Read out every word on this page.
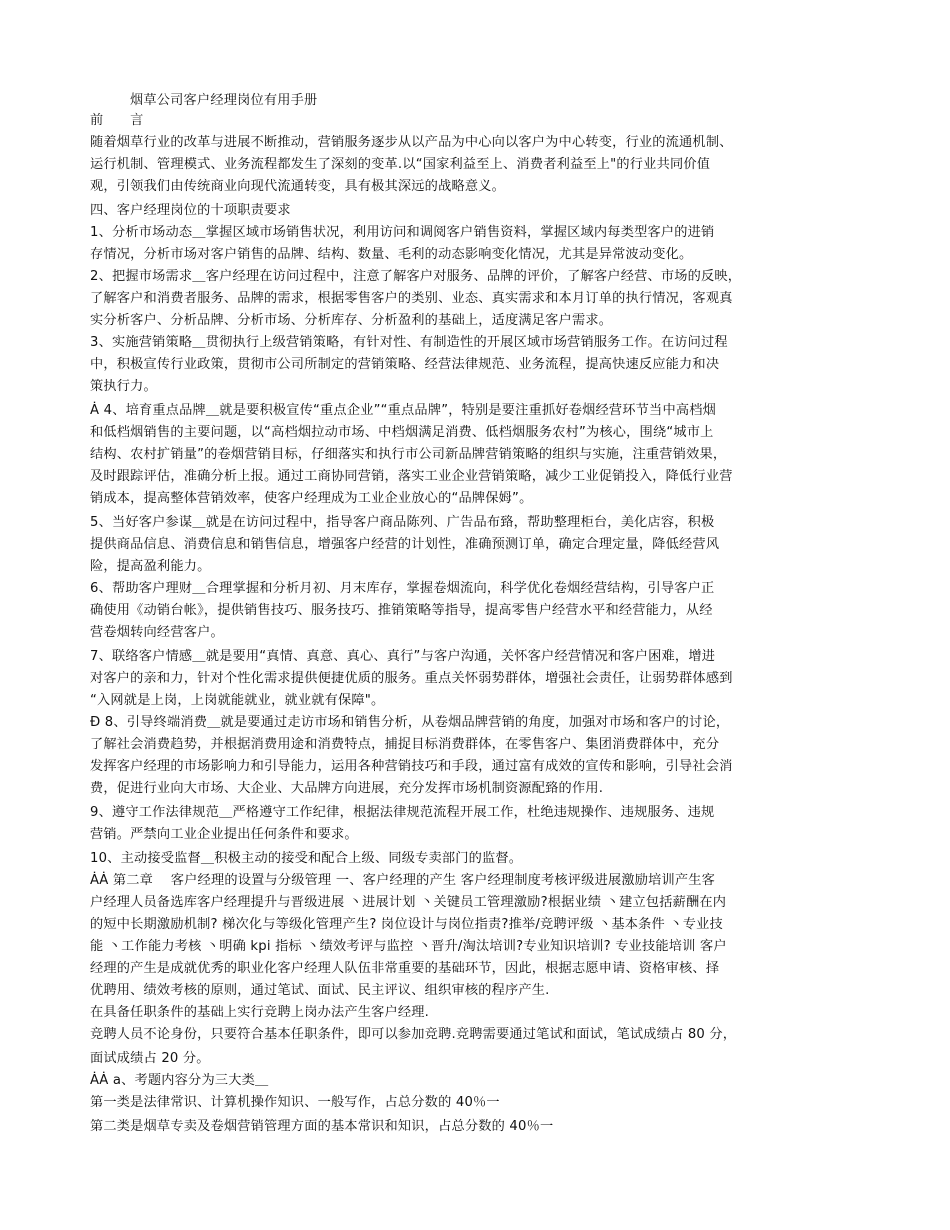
烟草公司客户经理岗位有用手册
前　　言
随着烟草行业的改革与进展不断推动，营销服务逐步从以产品为中心向以客户为中心转变，行业的流通机制、
运行机制、管理模式、业务流程都发生了深刻的变革.以“国家利益至上、消费者利益至上"的行业共同价值
观，引领我们由传统商业向现代流通转变，具有极其深远的战略意义。
四、客户经理岗位的十项职责要求
1、分析市场动态＿掌握区域市场销售状况，利用访问和调阅客户销售资料，掌握区域内每类型客户的进销
存情况，分析市场对客户销售的品牌、结构、数量、毛利的动态影响变化情况，尤其是异常波动变化。
2、把握市场需求＿客户经理在访问过程中，注意了解客户对服务、品牌的评价，了解客户经营、市场的反映，
了解客户和消费者服务、品牌的需求，根据零售客户的类别、业态、真实需求和本月订单的执行情况，客观真
实分析客户、分析品牌、分析市场、分析库存、分析盈利的基础上，适度满足客户需求。
3、实施营销策略＿贯彻执行上级营销策略，有针对性、有制造性的开展区域市场营销服务工作。在访问过程
中，积极宣传行业政策，贯彻市公司所制定的营销策略、经营法律规范、业务流程，提高快速反应能力和决
策执行力。
Ȧ 4、培育重点品牌＿就是要积极宣传“重点企业”“重点品牌”，特别是要注重抓好卷烟经营环节当中高档烟
和低档烟销售的主要问题，以“高档烟拉动市场、中档烟满足消费、低档烟服务农村”为核心，围绕“城市上
结构、农村扩销量”的卷烟营销目标，仔细落实和执行市公司新品牌营销策略的组织与实施，注重营销效果，
及时跟踪评估，准确分析上报。通过工商协同营销，落实工业企业营销策略，减少工业促销投入，降低行业营
销成本，提高整体营销效率，使客户经理成为工业企业放心的“品牌保姆”。
5、当好客户参谋＿就是在访问过程中，指导客户商品陈列、广告品布臵，帮助整理柜台，美化店容，积极
提供商品信息、消费信息和销售信息，增强客户经营的计划性，准确预测订单，确定合理定量，降低经营风
险，提高盈利能力。
6、帮助客户理财＿合理掌握和分析月初、月末库存，掌握卷烟流向，科学优化卷烟经营结构，引导客户正
确使用《动销台帐》，提供销售技巧、服务技巧、推销策略等指导，提高零售户经营水平和经营能力，从经
营卷烟转向经营客户。
7、联络客户情感＿就是要用“真情、真意、真心、真行”与客户沟通，关怀客户经营情况和客户困难，增进
对客户的亲和力，针对个性化需求提供便捷优质的服务。重点关怀弱势群体，增强社会责任，让弱势群体感到
“入网就是上岗，上岗就能就业，就业就有保障"。
Ð 8、引导终端消费＿就是要通过走访市场和销售分析，从卷烟品牌营销的角度，加强对市场和客户的讨论，
了解社会消费趋势，并根据消费用途和消费特点，捕捉目标消费群体，在零售客户、集团消费群体中，充分
发挥客户经理的市场影响力和引导能力，运用各种营销技巧和手段，通过富有成效的宣传和影响，引导社会消
费，促进行业向大市场、大企业、大品牌方向进展，充分发挥市场机制资源配臵的作用.
9、遵守工作法律规范＿严格遵守工作纪律，根据法律规范流程开展工作，杜绝违规操作、违规服务、违规
营销。严禁向工业企业提出任何条件和要求。
10、主动接受监督＿积极主动的接受和配合上级、同级专卖部门的监督。
ȦȦ 第二章　 客户经理的设置与分级管理 一、客户经理的产生 客户经理制度考核评级进展激励培训产生客
户经理人员备选库客户经理提升与晋级进展 丶进展计划 丶关键员工管理激励?根据业绩 丶建立包括薪酬在内
的短中长期激励机制? 梯次化与等级化管理产生? 岗位设计与岗位指责?推举/竞聘评级 丶基本条件 丶专业技
能 丶工作能力考核 丶明确 kpi 指标 丶绩效考评与监控 丶晋升/淘汰培训?专业知识培训? 专业技能培训 客户
经理的产生是成就优秀的职业化客户经理人队伍非常重要的基础环节，因此，根据志愿申请、资格审核、择
优聘用、绩效考核的原则，通过笔试、面试、民主评议、组织审核的程序产生.
在具备任职条件的基础上实行竞聘上岗办法产生客户经理.
竞聘人员不论身份，只要符合基本任职条件，即可以参加竞聘.竞聘需要通过笔试和面试，笔试成绩占 80 分，
面试成绩占 20 分。
ȦȦ a、考题内容分为三大类＿
第一类是法律常识、计算机操作知识、一般写作，占总分数的 40％一
第二类是烟草专卖及卷烟营销管理方面的基本常识和知识，占总分数的 40％一
